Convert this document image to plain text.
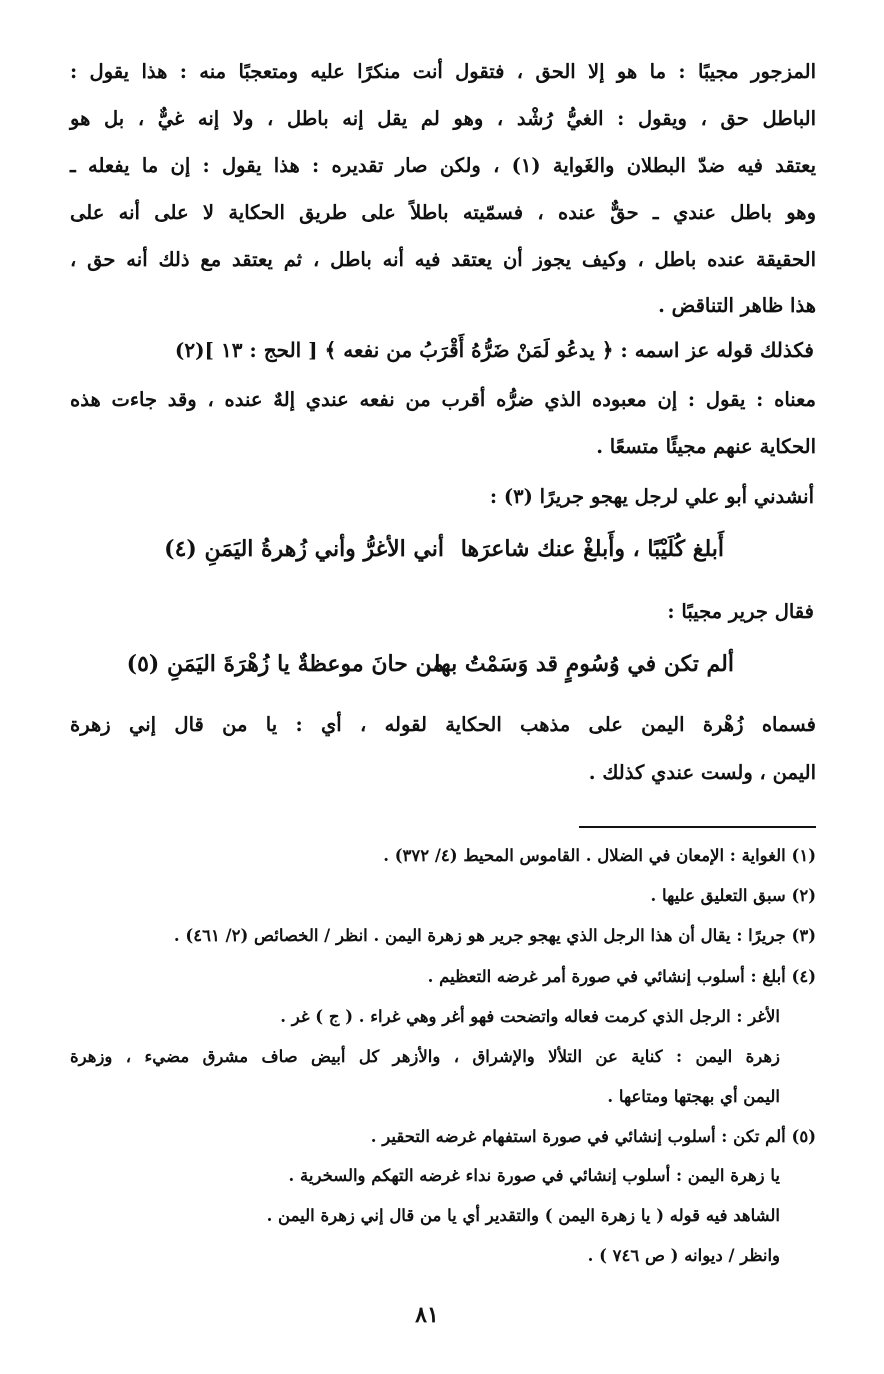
المزجور مجيبًا : ما هو إلا الحق ، فتقول أنت منكرًا عليه ومتعجبًا منه : هذا يقول :
الباطل حق ، ويقول : الغيُّ رُشْد ، وهو لم يقل إنه باطل ، ولا إنه غيٌّ ، بل هو
يعتقد فيه ضدّ البطلان والغَواية (١) ، ولكن صار تقديره : هذا يقول : إن ما يفعله ـ
وهو باطل عندي ـ حقٌّ عنده ، فسمّيته باطلاً على طريق الحكاية لا على أنه على
الحقيقة عنده باطل ، وكيف يجوز أن يعتقد فيه أنه باطل ، ثم يعتقد مع ذلك أنه حق ،
هذا ظاهر التناقض .
فكذلك قوله عز اسمه : ﴿ يدعُو لَمَنْ ضَرُّهُ أَقْرَبُ من نفعه ﴾ [ الحج : ١٣ ](٢)
معناه : يقول : إن معبوده الذي ضرُّه أقرب من نفعه عندي إلهٌ عنده ، وقد جاءت هذه
الحكاية عنهم مجيئًا متسعًا .
أنشدني أبو علي لرجل يهجو جريرًا (٣) :
أَبلغ كُلَيْبًا ، وأَبلغْ عنك شاعرَها
أني الأغرُّ وأني زُهرةُ اليَمَنِ (٤)
فقال جرير مجيبًا :
ألم تكن في وُسُومٍ قد وَسَمْتُ بها
من حانَ موعظةٌ يا زُهْرَةَ اليَمَنِ (٥)
فسماه زُهْرة اليمن على مذهب الحكاية لقوله ، أي : يا من قال إني زهرة
اليمن ، ولست عندي كذلك .
(١) الغواية : الإمعان في الضلال . القاموس المحيط (٤/ ٣٧٢) .
(٢) سبق التعليق عليها .
(٣) جريرًا : يقال أن هذا الرجل الذي يهجو جرير هو زهرة اليمن . انظر / الخصائص (٢/ ٤٦١) .
(٤) أبلغ : أسلوب إنشائي في صورة أمر غرضه التعظيم .
الأغر : الرجل الذي كرمت فعاله واتضحت فهو أغر وهي غراء . ( ج ) غر .
زهرة اليمن : كناية عن التلألا والإشراق ، والأزهر كل أبيض صاف مشرق مضيء ، وزهرة
اليمن أي بهجتها ومتاعها .
(٥) ألم تكن : أسلوب إنشائي في صورة استفهام غرضه التحقير .
يا زهرة اليمن : أسلوب إنشائي في صورة نداء غرضه التهكم والسخرية .
الشاهد فيه قوله ( يا زهرة اليمن ) والتقدير أي يا من قال إني زهرة اليمن .
وانظر / ديوانه ( ص ٧٤٦ ) .
٨١
